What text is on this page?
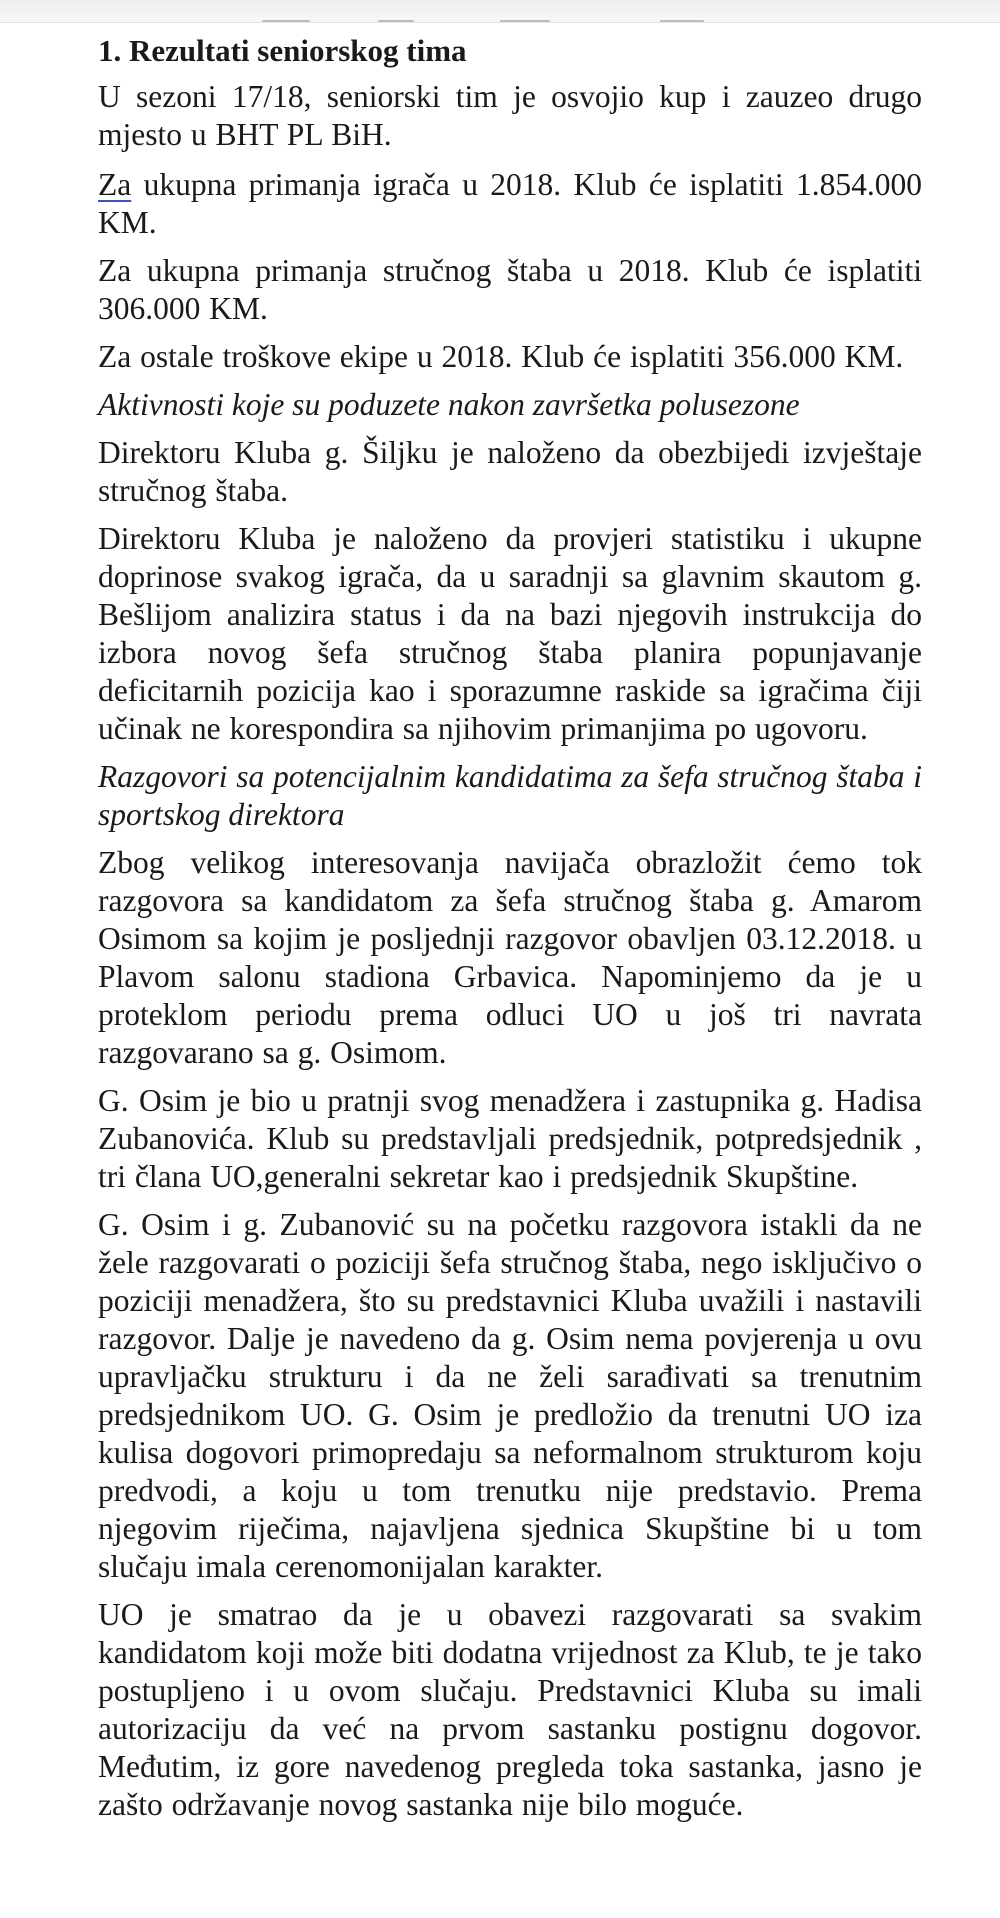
1. Rezultati seniorskog tima

U sezoni 17/18, seniorski tim je osvojio kup i zauzeo drugo mjesto u BHT PL BiH.

Za ukupna primanja igrača u 2018. Klub će isplatiti 1.854.000 KM.

Za ukupna primanja stručnog štaba u 2018. Klub će isplatiti 306.000 KM.

Za ostale troškove ekipe u 2018. Klub će isplatiti 356.000 KM.

Aktivnosti koje su poduzete nakon završetka polusezone

Direktoru Kluba g. Šiljku je naloženo da obezbijedi izvještaje stručnog štaba.

Direktoru Kluba je naloženo da provjeri statistiku i ukupne doprinose svakog igrača, da u saradnji sa glavnim skautom g. Bešlijom analizira status i da na bazi njegovih instrukcija do izbora novog šefa stručnog štaba planira popunjavanje deficitarnih pozicija kao i sporazumne raskide sa igračima čiji učinak ne korespondira sa njihovim primanjima po ugovoru.

Razgovori sa potencijalnim kandidatima za šefa stručnog štaba i sportskog direktora

Zbog velikog interesovanja navijača obrazložit ćemo tok razgovora sa kandidatom za šefa stručnog štaba g. Amarom Osimom sa kojim je posljednji razgovor obavljen 03.12.2018. u Plavom salonu stadiona Grbavica. Napominjemo da je u proteklom periodu prema odluci UO u još tri navrata razgovarano sa g. Osimom.

G. Osim je bio u pratnji svog menadžera i zastupnika g. Hadisa Zubanovića. Klub su predstavljali predsjednik, potpredsjednik , tri člana UO,generalni sekretar kao i predsjednik Skupštine.

G. Osim i g. Zubanović su na početku razgovora istakli da ne žele razgovarati o poziciji šefa stručnog štaba, nego isključivo o poziciji menadžera, što su predstavnici Kluba uvažili i nastavili razgovor. Dalje je navedeno da g. Osim nema povjerenja u ovu upravljačku strukturu i da ne želi sarađivati sa trenutnim predsjednikom UO. G. Osim je predložio da trenutni UO iza kulisa dogovori primopredaju sa neformalnom strukturom koju predvodi, a koju u tom trenutku nije predstavio. Prema njegovim riječima, najavljena sjednica Skupštine bi u tom slučaju imala cerenomonijalan karakter.

UO je smatrao da je u obavezi razgovarati sa svakim kandidatom koji može biti dodatna vrijednost za Klub, te je tako postupljeno i u ovom slučaju. Predstavnici Kluba su imali autorizaciju da već na prvom sastanku postignu dogovor. Međutim, iz gore navedenog pregleda toka sastanka, jasno je zašto održavanje novog sastanka nije bilo moguće.
